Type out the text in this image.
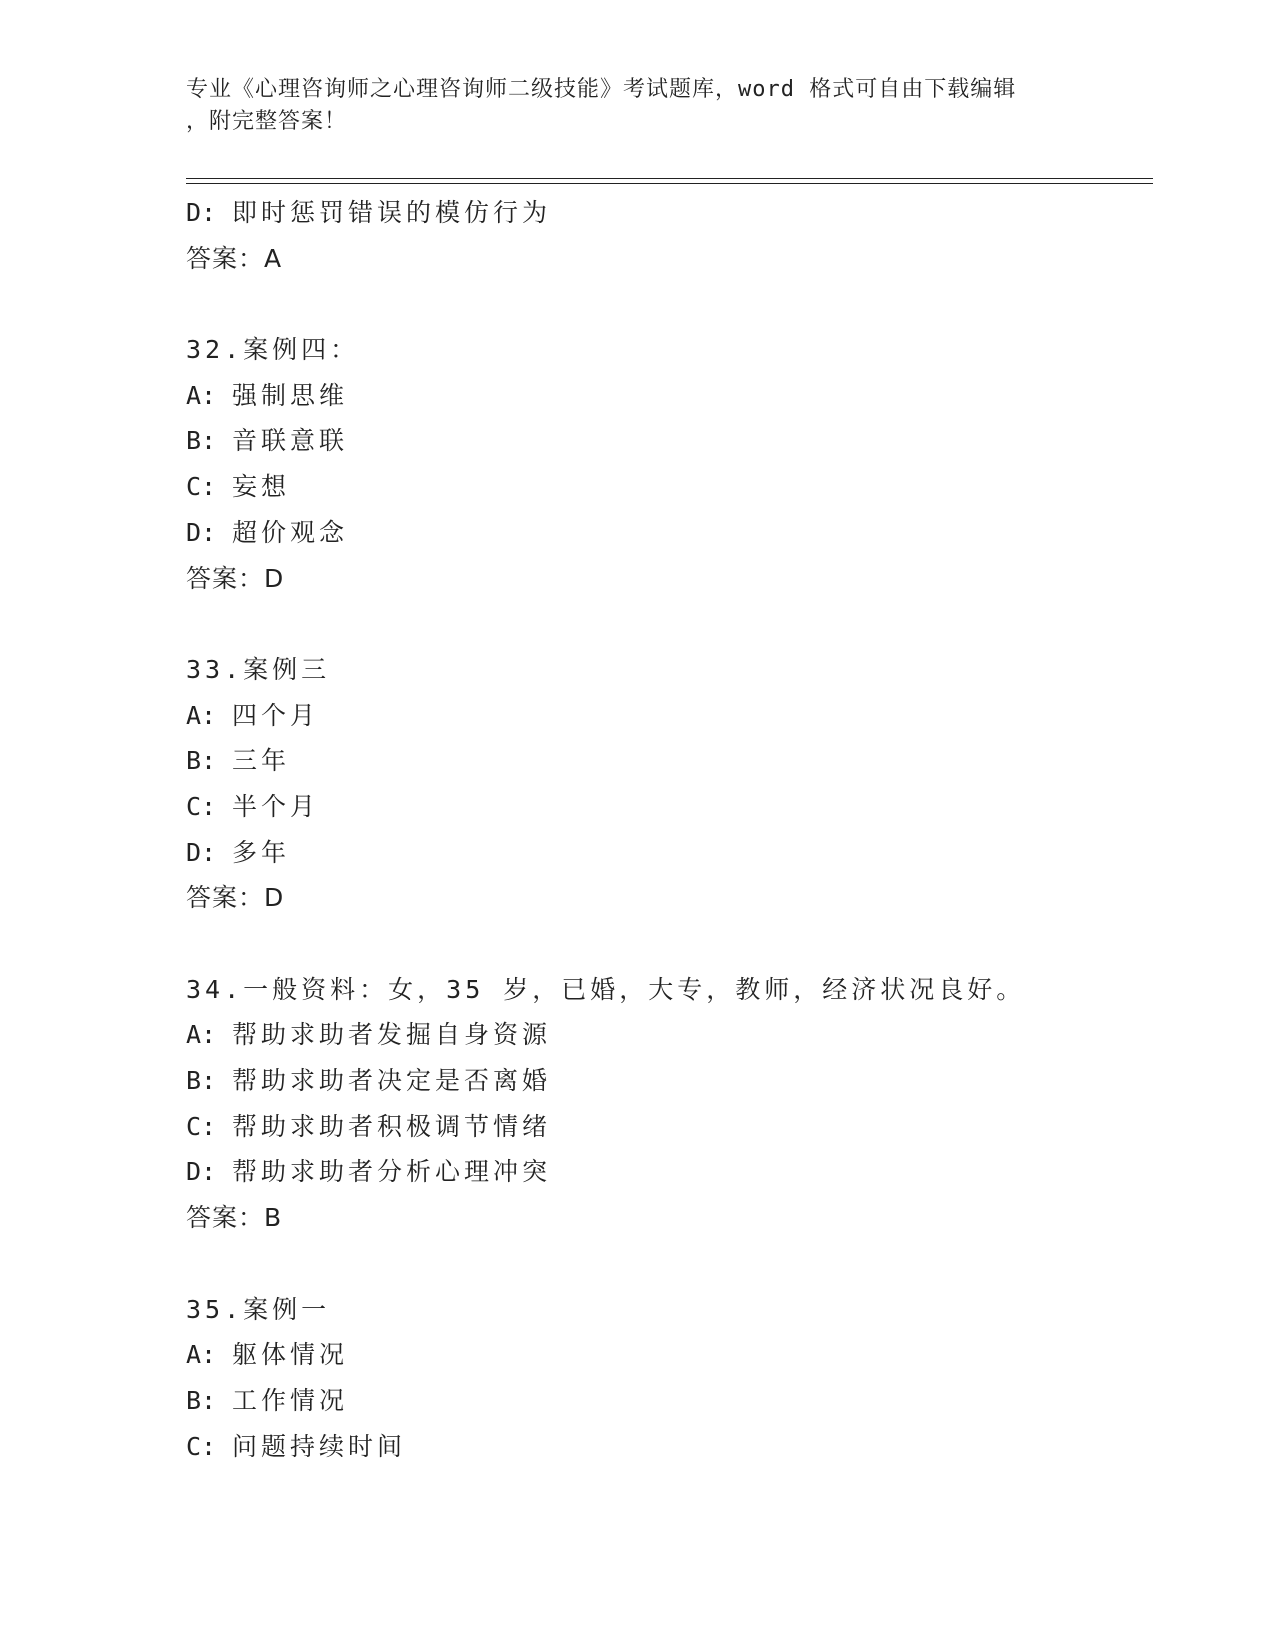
专业《心理咨询师之心理咨询师二级技能》考试题库，word 格式可自由下载编辑
，附完整答案！
D: 即时惩罚错误的模仿行为
答案：A
32.案例四：
A: 强制思维
B: 音联意联
C: 妄想
D: 超价观念
答案：D
33.案例三
A: 四个月
B: 三年
C: 半个月
D: 多年
答案：D
34.一般资料：女，35 岁，已婚，大专，教师，经济状况良好。
A: 帮助求助者发掘自身资源
B: 帮助求助者决定是否离婚
C: 帮助求助者积极调节情绪
D: 帮助求助者分析心理冲突
答案：B
35.案例一
A: 躯体情况
B: 工作情况
C: 问题持续时间
